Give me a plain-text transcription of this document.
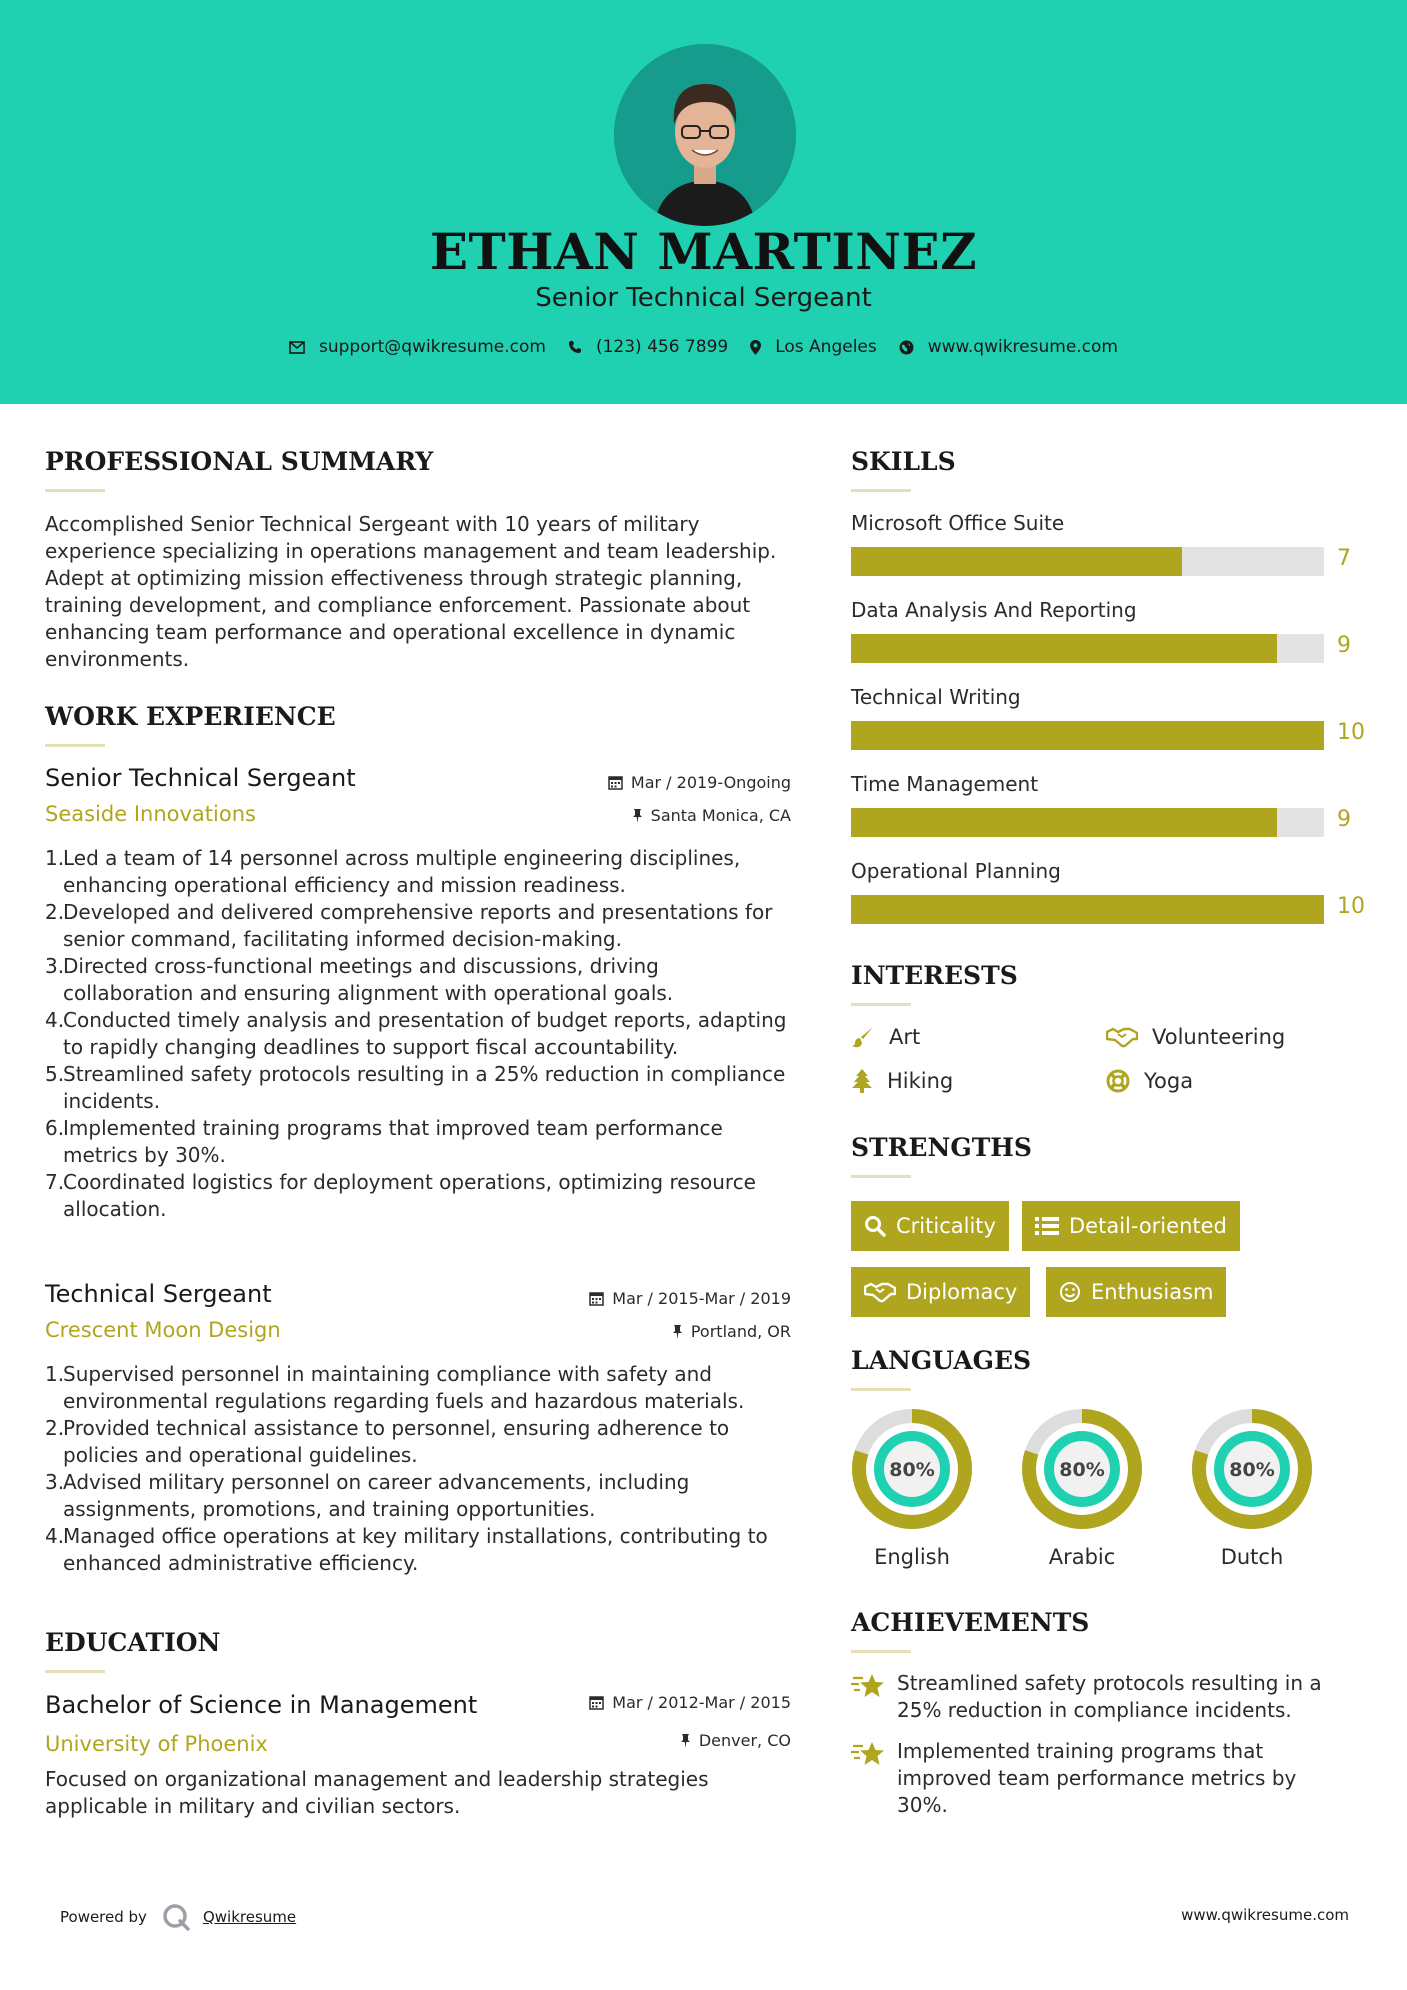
ETHAN MARTINEZ
Senior Technical Sergeant
support@qwikresume.com	(123) 456 7899	Los Angeles	www.qwikresume.com
PROFESSIONAL SUMMARY
Accomplished Senior Technical Sergeant with 10 years of military experience specializing in operations management and team leadership. Adept at optimizing mission effectiveness through strategic planning, training development, and compliance enforcement. Passionate about enhancing team performance and operational excellence in dynamic environments.
WORK EXPERIENCE
Senior Technical Sergeant	Mar / 2019-Ongoing
Seaside Innovations	Santa Monica, CA
1.
Led a team of 14 personnel across multiple engineering disciplines, enhancing operational efficiency and mission readiness.
2.
Developed and delivered comprehensive reports and presentations for senior command, facilitating informed decision-making.
3.
Directed cross-functional meetings and discussions, driving collaboration and ensuring alignment with operational goals.
4.
Conducted timely analysis and presentation of budget reports, adapting to rapidly changing deadlines to support fiscal accountability.
5.
Streamlined safety protocols resulting in a 25% reduction in compliance incidents.
6.
Implemented training programs that improved team performance metrics by 30%.
7.
Coordinated logistics for deployment operations, optimizing resource allocation.
Technical Sergeant	Mar / 2015-Mar / 2019
Crescent Moon Design	Portland, OR
1.
Supervised personnel in maintaining compliance with safety and environmental regulations regarding fuels and hazardous materials.
2.
Provided technical assistance to personnel, ensuring adherence to policies and operational guidelines.
3.
Advised military personnel on career advancements, including assignments, promotions, and training opportunities.
4.
Managed office operations at key military installations, contributing to enhanced administrative efficiency.
EDUCATION
Bachelor of Science in Management	Mar / 2012-Mar / 2015
University of Phoenix	Denver, CO
Focused on organizational management and leadership strategies applicable in military and civilian sectors.
SKILLS
Microsoft Office Suite
7
Data Analysis And Reporting
9
Technical Writing
10
Time Management
9
Operational Planning
10
INTERESTS
Art	Volunteering
Hiking	Yoga
STRENGTHS
Criticality	Detail-oriented
Diplomacy	Enthusiasm
LANGUAGES
80%
English
80%
Arabic
80%
Dutch
ACHIEVEMENTS
Streamlined safety protocols resulting in a 25% reduction in compliance incidents.
Implemented training programs that improved team performance metrics by 30%.
Powered by	Qwikresume	www.qwikresume.com
